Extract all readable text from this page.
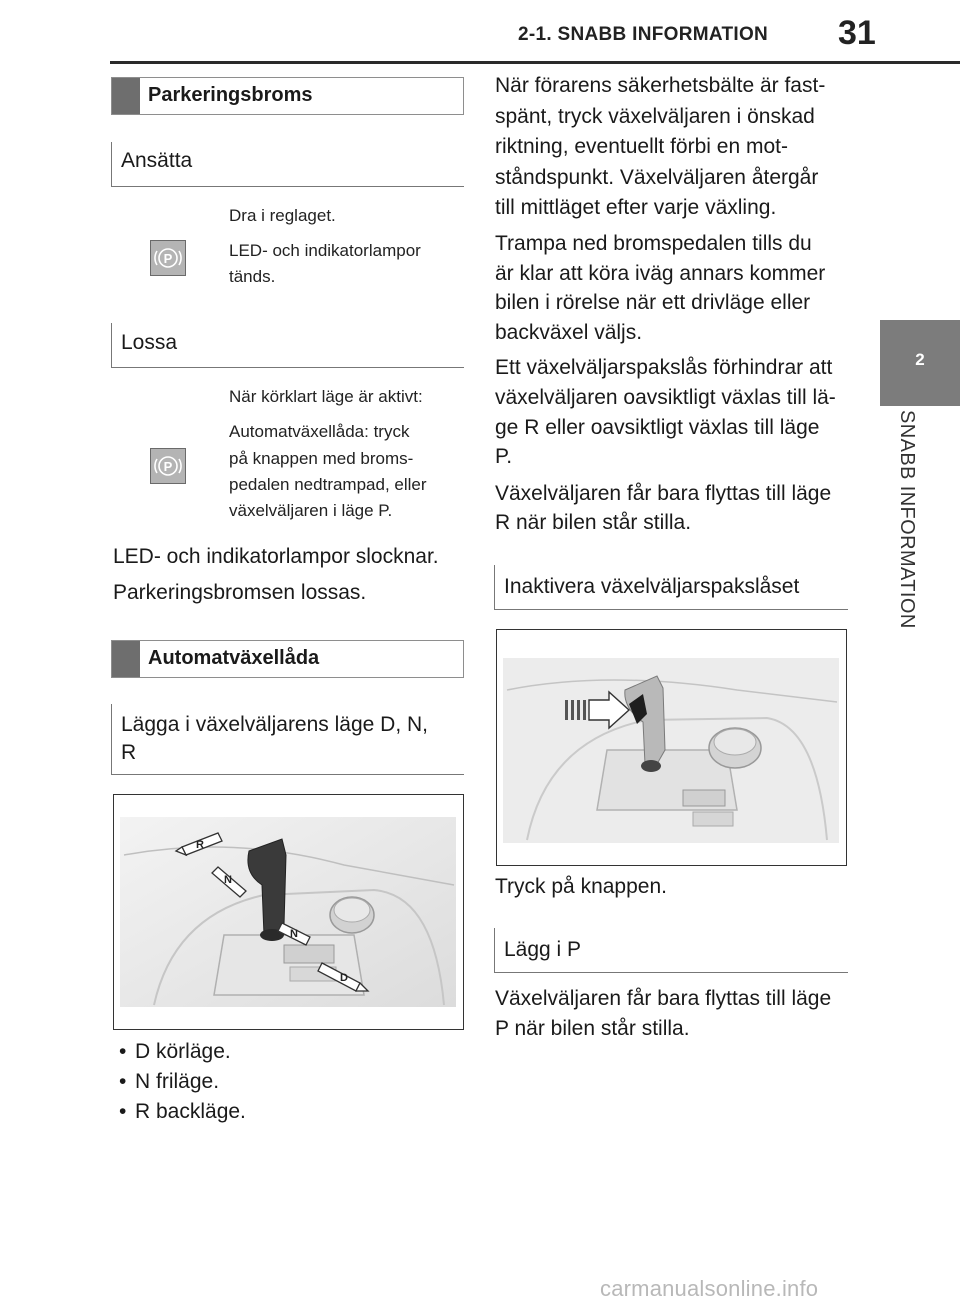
2-1. SNABB INFORMATION 31
2
SNABB INFORMATION
Parkeringsbroms
Ansätta
Dra i reglaget.
LED- och indikatorlampor
tänds.
P
Lossa
När körklart läge är aktivt:
Automatväxellåda: tryck
på knappen med broms-
pedalen nedtrampad, eller
växelväljaren i läge P.
P
LED- och indikatorlampor slocknar.
Parkeringsbromsen lossas.
Automatväxellåda
Lägga i växelväljarens läge D, N,
R
R
N
N
D
• D körläge.
• N friläge.
• R backläge.
När förarens säkerhetsbälte är fast-
spänt, tryck växelväljaren i önskad
riktning, eventuellt förbi en mot-
ståndspunkt. Växelväljaren återgår
till mittläget efter varje växling.
Trampa ned bromspedalen tills du
är klar att köra iväg annars kommer
bilen i rörelse när ett drivläge eller
backväxel väljs.
Ett växelväljarspakslås förhindrar att
växelväljaren oavsiktligt växlas till lä-
ge R eller oavsiktligt växlas till läge
P.
Växelväljaren får bara flyttas till läge
R när bilen står stilla.
Inaktivera växelväljarspakslåset
Tryck på knappen.
Lägg i P
Växelväljaren får bara flyttas till läge
P när bilen står stilla.
carmanualsonline.info
